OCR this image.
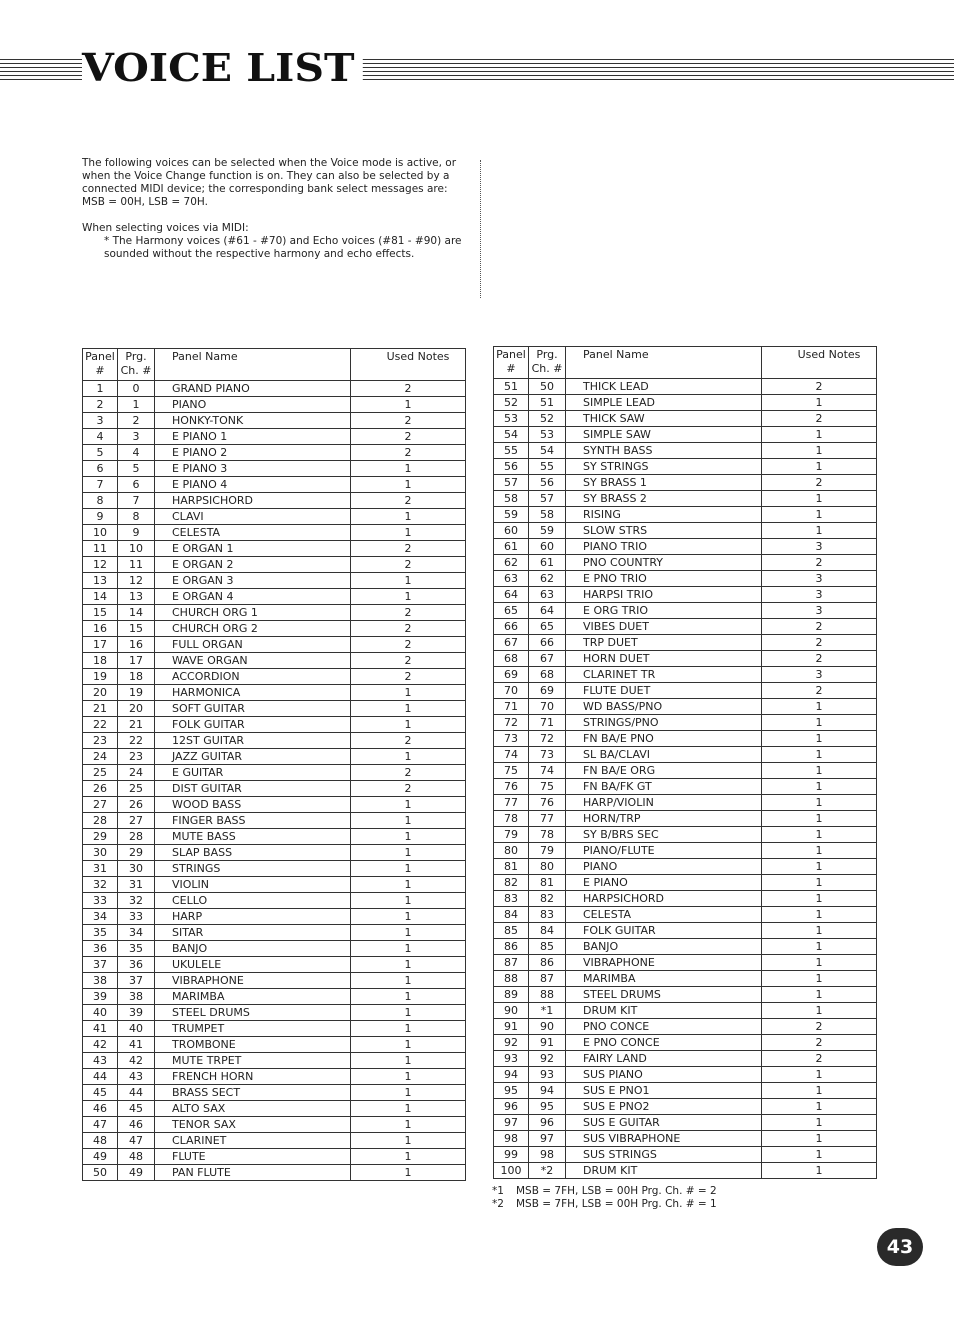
VOICE LIST

The following voices can be selected when the Voice mode is active, or when the Voice Change function is on. They can also be selected by a connected MIDI device; the corresponding bank select messages are: MSB = 00H, LSB = 70H.

When selecting voices via MIDI:

* The Harmony voices (#61 - #70) and Echo voices (#81 - #90) are sounded without the respective harmony and echo effects.

Panel #	Prg. Ch. #	Panel Name	Used Notes
1	0	GRAND PIANO	2
2	1	PIANO	1
3	2	HONKY-TONK	2
4	3	E PIANO 1	2
5	4	E PIANO 2	2
6	5	E PIANO 3	1
7	6	E PIANO 4	1
8	7	HARPSICHORD	2
9	8	CLAVI	1
10	9	CELESTA	1
11	10	E ORGAN 1	2
12	11	E ORGAN 2	2
13	12	E ORGAN 3	1
14	13	E ORGAN 4	1
15	14	CHURCH ORG 1	2
16	15	CHURCH ORG 2	2
17	16	FULL ORGAN	2
18	17	WAVE ORGAN	2
19	18	ACCORDION	2
20	19	HARMONICA	1
21	20	SOFT GUITAR	1
22	21	FOLK GUITAR	1
23	22	12ST GUITAR	2
24	23	JAZZ GUITAR	1
25	24	E GUITAR	2
26	25	DIST GUITAR	2
27	26	WOOD BASS	1
28	27	FINGER BASS	1
29	28	MUTE BASS	1
30	29	SLAP BASS	1
31	30	STRINGS	1
32	31	VIOLIN	1
33	32	CELLO	1
34	33	HARP	1
35	34	SITAR	1
36	35	BANJO	1
37	36	UKULELE	1
38	37	VIBRAPHONE	1
39	38	MARIMBA	1
40	39	STEEL DRUMS	1
41	40	TRUMPET	1
42	41	TROMBONE	1
43	42	MUTE TRPET	1
44	43	FRENCH HORN	1
45	44	BRASS SECT	1
46	45	ALTO SAX	1
47	46	TENOR SAX	1
48	47	CLARINET	1
49	48	FLUTE	1
50	49	PAN FLUTE	1
Panel #	Prg. Ch. #	Panel Name	Used Notes
51	50	THICK LEAD	2
52	51	SIMPLE LEAD	1
53	52	THICK SAW	2
54	53	SIMPLE SAW	1
55	54	SYNTH BASS	1
56	55	SY STRINGS	1
57	56	SY BRASS 1	2
58	57	SY BRASS 2	1
59	58	RISING	1
60	59	SLOW STRS	1
61	60	PIANO TRIO	3
62	61	PNO COUNTRY	2
63	62	E PNO TRIO	3
64	63	HARPSI TRIO	3
65	64	E ORG TRIO	3
66	65	VIBES DUET	2
67	66	TRP DUET	2
68	67	HORN DUET	2
69	68	CLARINET TR	3
70	69	FLUTE DUET	2
71	70	WD BASS/PNO	1
72	71	STRINGS/PNO	1
73	72	FN BA/E PNO	1
74	73	SL BA/CLAVI	1
75	74	FN BA/E ORG	1
76	75	FN BA/FK GT	1
77	76	HARP/VIOLIN	1
78	77	HORN/TRP	1
79	78	SY B/BRS SEC	1
80	79	PIANO/FLUTE	1
81	80	PIANO	1
82	81	E PIANO	1
83	82	HARPSICHORD	1
84	83	CELESTA	1
85	84	FOLK GUITAR	1
86	85	BANJO	1
87	86	VIBRAPHONE	1
88	87	MARIMBA	1
89	88	STEEL DRUMS	1
90	*1	DRUM KIT	1
91	90	PNO CONCE	2
92	91	E PNO CONCE	2
93	92	FAIRY LAND	2
94	93	SUS PIANO	1
95	94	SUS E PNO1	1
96	95	SUS E PNO2	1
97	96	SUS E GUITAR	1
98	97	SUS VIBRAPHONE	1
99	98	SUS STRINGS	1
100	*2	DRUM KIT	1
*1 MSB = 7FH, LSB = 00H Prg. Ch. # = 2
*2 MSB = 7FH, LSB = 00H Prg. Ch. # = 1
43
